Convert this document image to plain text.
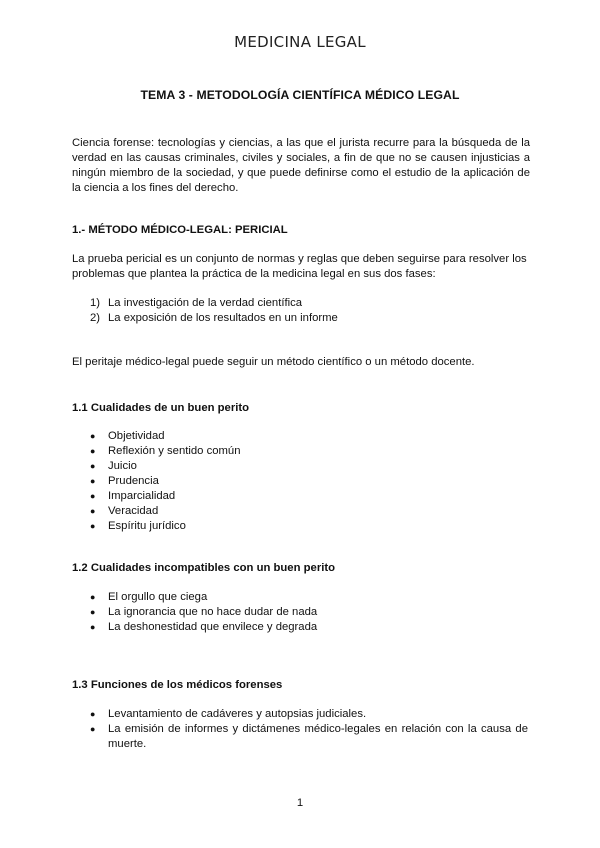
MEDICINA LEGAL
TEMA 3 - METODOLOGÍA CIENTÍFICA MÉDICO LEGAL
Ciencia forense: tecnologías y ciencias, a las que el jurista recurre para la búsqueda de la verdad en las causas criminales, civiles y sociales, a fin de que no se causen injusticias a ningún miembro de la sociedad, y que puede definirse como el estudio de la aplicación de la ciencia a los fines del derecho.
1.- MÉTODO MÉDICO-LEGAL: PERICIAL
La prueba pericial es un conjunto de normas y reglas que deben seguirse para resolver los problemas que plantea la práctica de la medicina legal en sus dos fases:
1) La investigación de la verdad científica
2) La exposición de los resultados en un informe
El peritaje médico-legal puede seguir un método científico o un método docente.
1.1 Cualidades de un buen perito
●	Objetividad
●	Reflexión y sentido común
●	Juicio
●	Prudencia
●	Imparcialidad
●	Veracidad
●	Espíritu jurídico
1.2 Cualidades incompatibles con un buen perito
●	El orgullo que ciega
●	La ignorancia que no hace dudar de nada
●	La deshonestidad que envilece y degrada
1.3 Funciones de los médicos forenses
●	Levantamiento de cadáveres y autopsias judiciales.
●	La emisión de informes y dictámenes médico-legales en relación con la causa de muerte.
1
